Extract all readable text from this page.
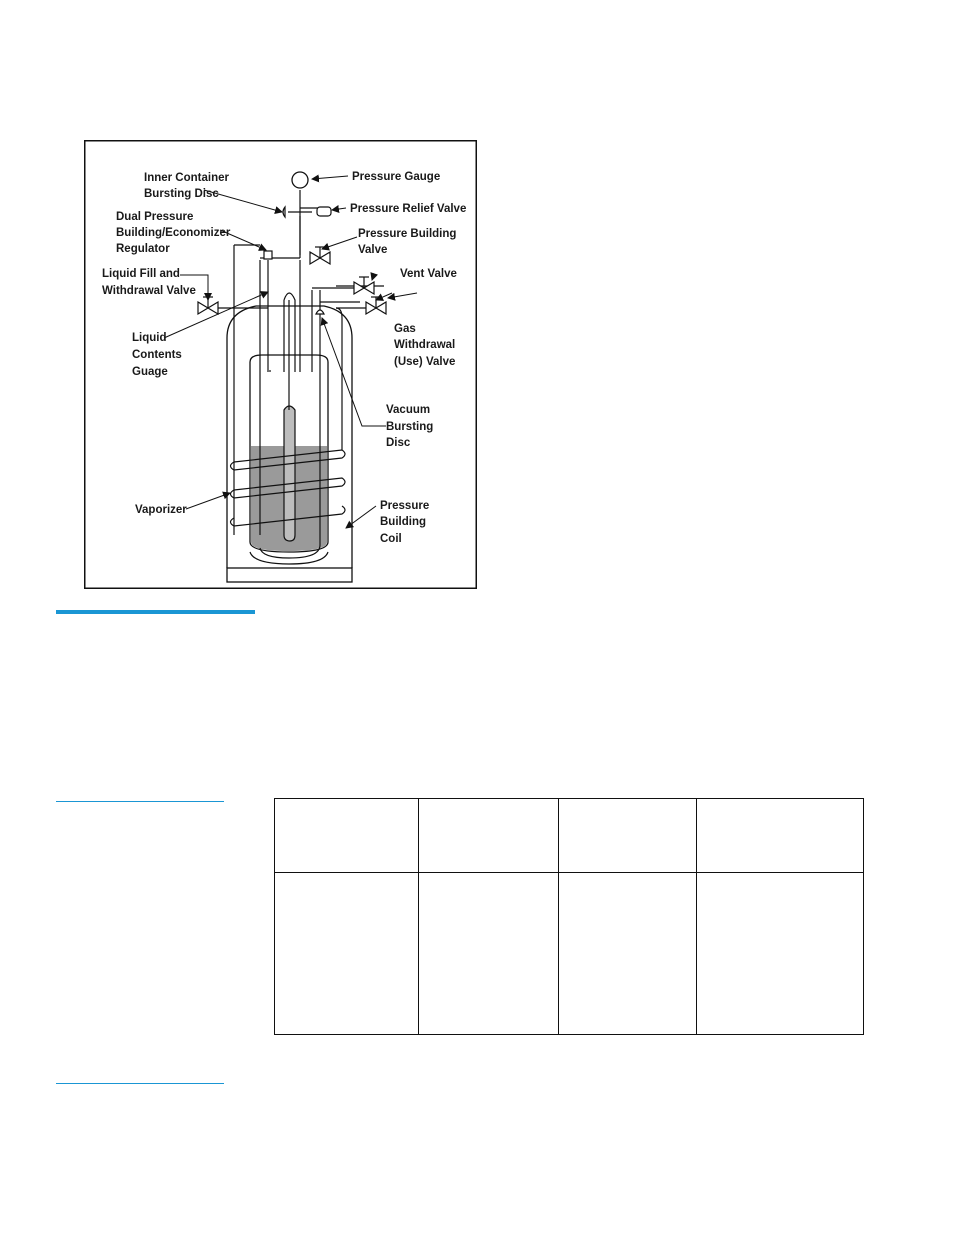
Inner Container
Bursting Disc
Dual Pressure
Building/Economizer
Regulator
Liquid Fill and
Withdrawal Valve
Liquid
Contents
Guage
Vaporizer
Pressure Gauge
Pressure Relief Valve
Pressure Building
Valve
Vent Valve
Gas
Withdrawal
(Use) Valve
Vacuum
Bursting
Disc
Pressure
Building
Coil
